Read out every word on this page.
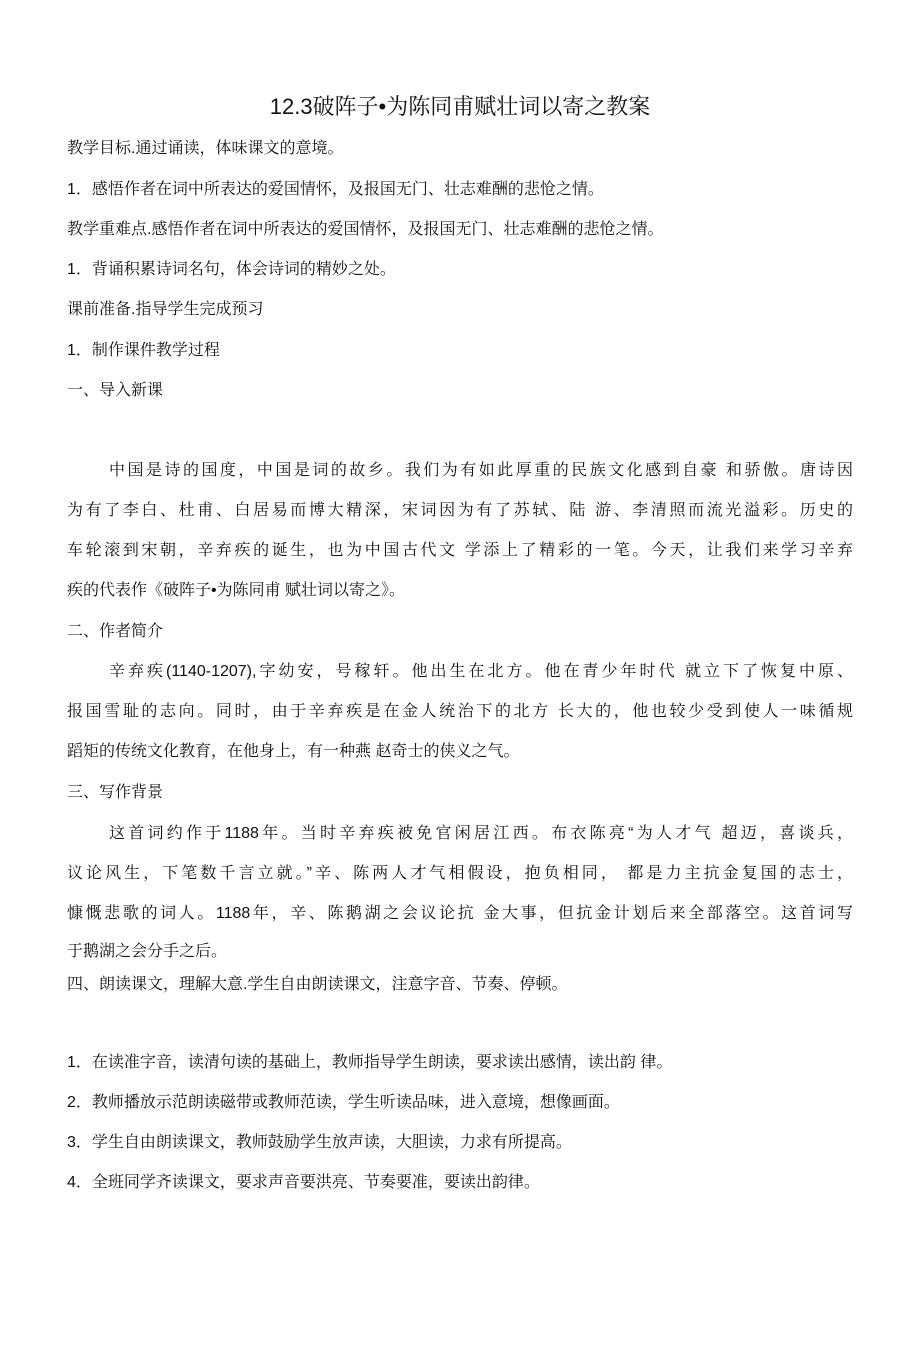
12.3破阵子•为陈同甫赋壮词以寄之教案
教学目标.通过诵读，体味课文的意境。
1．感悟作者在词中所表达的爱国情怀，及报国无门、壮志难酬的悲怆之情。
教学重难点.感悟作者在词中所表达的爱国情怀，及报国无门、壮志难酬的悲怆之情。
1．背诵积累诗词名句，体会诗词的精妙之处。
课前准备.指导学生完成预习
1．制作课件教学过程
一、导入新课
中国是诗的国度，中国是词的故乡。我们为有如此厚重的民族文化感到自豪 和骄傲。唐诗因
为有了李白、杜甫、白居易而博大精深，宋词因为有了苏轼、陆 游、李清照而流光溢彩。历史的
车轮滚到宋朝，辛弃疾的诞生，也为中国古代文 学添上了精彩的一笔。今天，让我们来学习辛弃
疾的代表作《破阵子•为陈同甫 赋壮词以寄之》。
二、作者简介
辛弃疾(1140-1207),字幼安，号稼轩。他出生在北方。他在青少年时代 就立下了恢复中原、
报国雪耻的志向。同时，由于辛弃疾是在金人统治下的北方 长大的，他也较少受到使人一味循规
蹈矩的传统文化教育，在他身上，有一种燕 赵奇士的侠义之气。
三、写作背景
这首词约作于1188年。当时辛弃疾被免官闲居江西。布衣陈亮“为人才气 超迈，喜谈兵，
议论风生，下笔数千言立就。”辛、陈两人才气相假设，抱负相同， 都是力主抗金复国的志士，
慷慨悲歌的词人。1188年，辛、陈鹅湖之会议论抗 金大事，但抗金计划后来全部落空。这首词写
于鹅湖之会分手之后。
四、朗读课文，理解大意.学生自由朗读课文，注意字音、节奏、停顿。
1．在读准字音，读清句读的基础上，教师指导学生朗读，要求读出感情，读出韵 律。
2．教师播放示范朗读磁带或教师范读，学生听读品味，进入意境，想像画面。
3．学生自由朗读课文，教师鼓励学生放声读，大胆读，力求有所提高。
4．全班同学齐读课文，要求声音要洪亮、节奏要准，要读出韵律。
